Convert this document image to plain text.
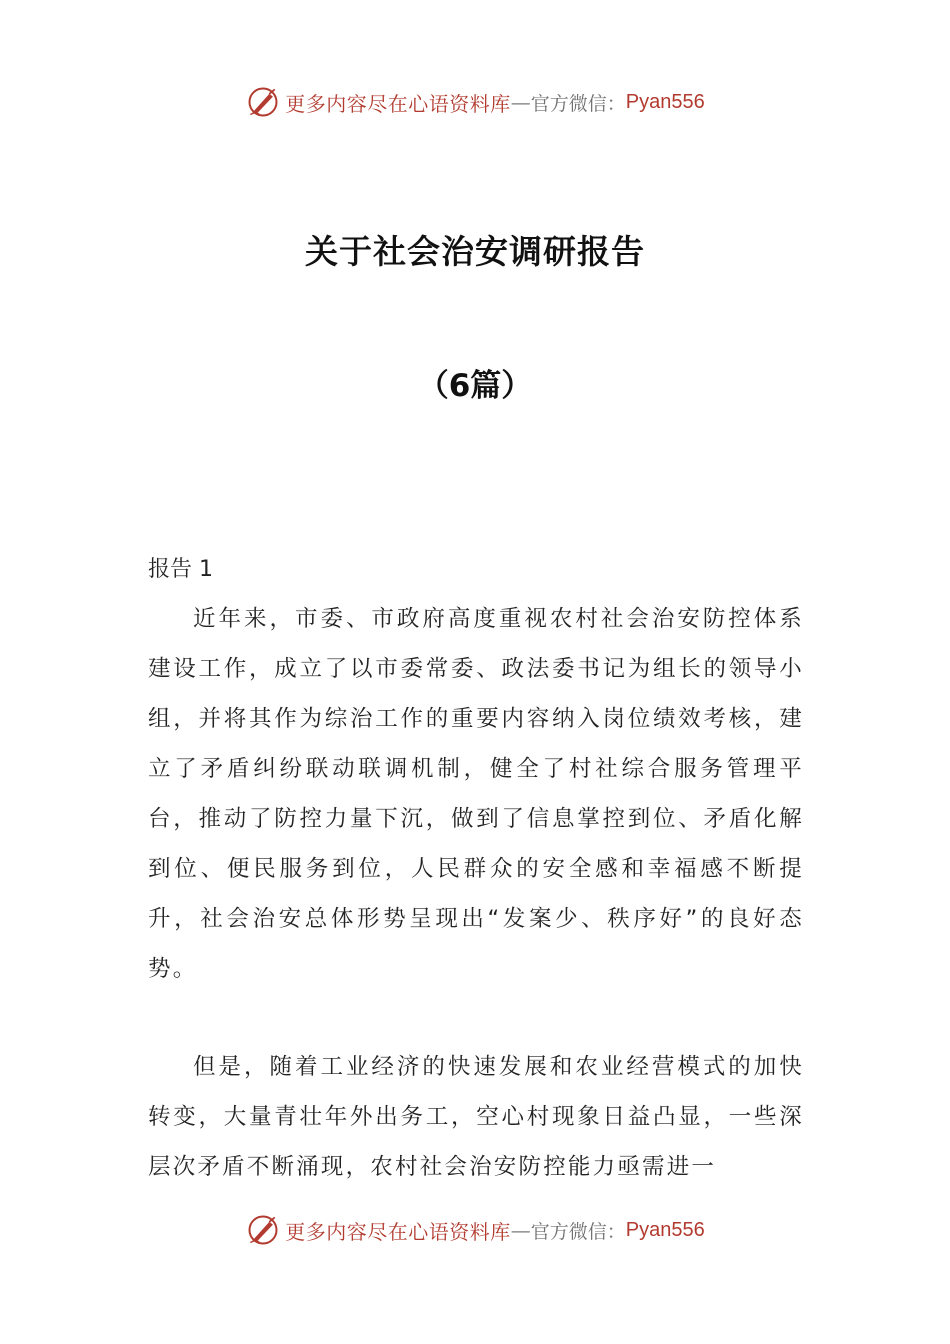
更多内容尽在心语资料库 — 官方微信： Pyan556
关于社会治安调研报告
（6篇）
报告 1

近年来，市委、市政府高度重视农村社会治安防控体系建设工作，成立了以市委常委、政法委书记为组长的领导小组，并将其作为综治工作的重要内容纳入岗位绩效考核，建立了矛盾纠纷联动联调机制，健全了村社综合服务管理平台，推动了防控力量下沉，做到了信息掌控到位、矛盾化解到位、便民服务到位，人民群众的安全感和幸福感不断提升，社会治安总体形势呈现出“发案少、秩序好”的良好态势。

但是，随着工业经济的快速发展和农业经营模式的加快转变，大量青壮年外出务工，空心村现象日益凸显，一些深层次矛盾不断涌现，农村社会治安防控能力亟需进一

更多内容尽在心语资料库 — 官方微信： Pyan556
